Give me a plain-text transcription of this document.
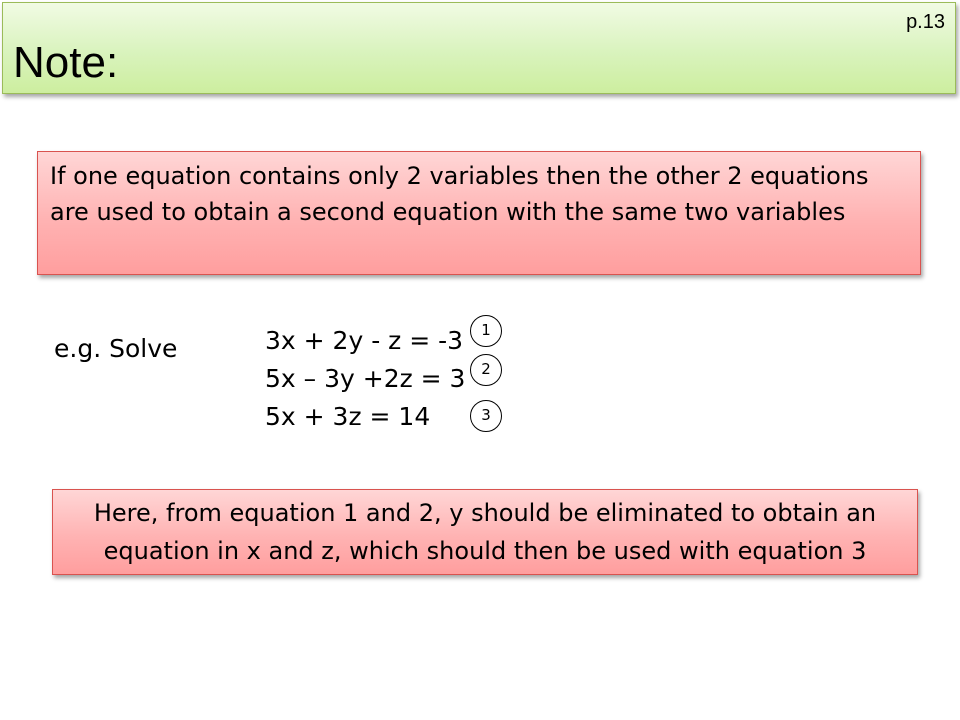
Note:
p.13
If one equation contains only 2 variables then the other 2 equations are used to obtain a second equation with the same two variables
e.g. Solve	3x + 2y - z = -3
5x – 3y +2z = 3
5x + 3z = 14
1
2
3
Here, from equation 1 and 2, y should be eliminated to obtain an equation in x and z, which should then be used with equation 3
